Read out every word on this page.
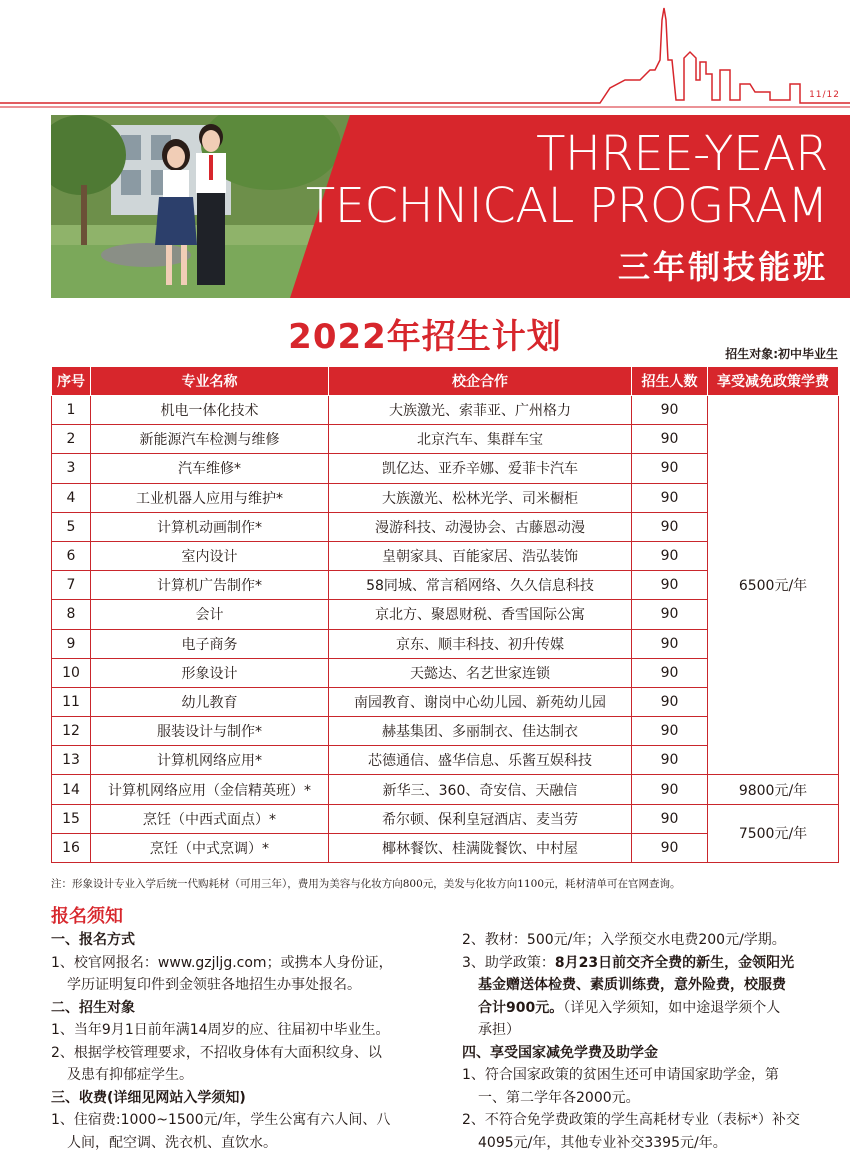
11/12
THREE-YEAR
TECHNICAL PROGRAM
三年制技能班
2022年招生计划	招生对象:初中毕业生
序号	专业名称	校企合作	招生人数	享受减免政策学费
1	机电一体化技术	大族激光、索菲亚、广州格力	90	6500元/年
2	新能源汽车检测与维修	北京汽车、集群车宝	90	
3	汽车维修*	凯亿达、亚乔辛娜、爱菲卡汽车	90	
4	工业机器人应用与维护*	大族激光、松林光学、司米橱柜	90	
5	计算机动画制作*	漫游科技、动漫协会、古藤恩动漫	90	
6	室内设计	皇朝家具、百能家居、浩弘装饰	90	
7	计算机广告制作*	58同城、常言稻网络、久久信息科技	90	
8	会计	京北方、聚恩财税、香雪国际公寓	90	
9	电子商务	京东、顺丰科技、初升传媒	90	
10	形象设计	天懿达、名艺世家连锁	90	
11	幼儿教育	南园教育、谢岗中心幼儿园、新苑幼儿园	90	
12	服装设计与制作*	赫基集团、多丽制衣、佳达制衣	90	
13	计算机网络应用*	芯德通信、盛华信息、乐酱互娱科技	90	
14	计算机网络应用（金信精英班）*	新华三、360、奇安信、天融信	90	9800元/年
15	烹饪（中西式面点）*	希尔顿、保利皇冠酒店、麦当劳	90	7500元/年
16	烹饪（中式烹调）*	椰林餐饮、桂满陇餐饮、中村屋	90	
注：形象设计专业入学后统一代购耗材（可用三年），费用为美容与化妆方向800元，美发与化妆方向1100元，耗材清单可在官网查询。
报名须知
一、报名方式
1、校官网报名：www.gzjljg.com；或携本人身份证，
学历证明复印件到金领驻各地招生办事处报名。
二、招生对象
1、当年9月1日前年满14周岁的应、往届初中毕业生。
2、根据学校管理要求，不招收身体有大面积纹身、以
及患有抑郁症学生。
三、收费(详细见网站入学须知)
1、住宿费:1000~1500元/年，学生公寓有六人间、八
人间，配空调、洗衣机、直饮水。
2、教材：500元/年；入学预交水电费200元/学期。
3、助学政策：8月23日前交齐全费的新生，金领阳光
基金赠送体检费、素质训练费，意外险费，校服费
合计900元。（详见入学须知，如中途退学须个人
承担）
四、享受国家减免学费及助学金
1、符合国家政策的贫困生还可申请国家助学金，第
一、第二学年各2000元。
2、不符合免学费政策的学生高耗材专业（表标*）补交
4095元/年，其他专业补交3395元/年。
